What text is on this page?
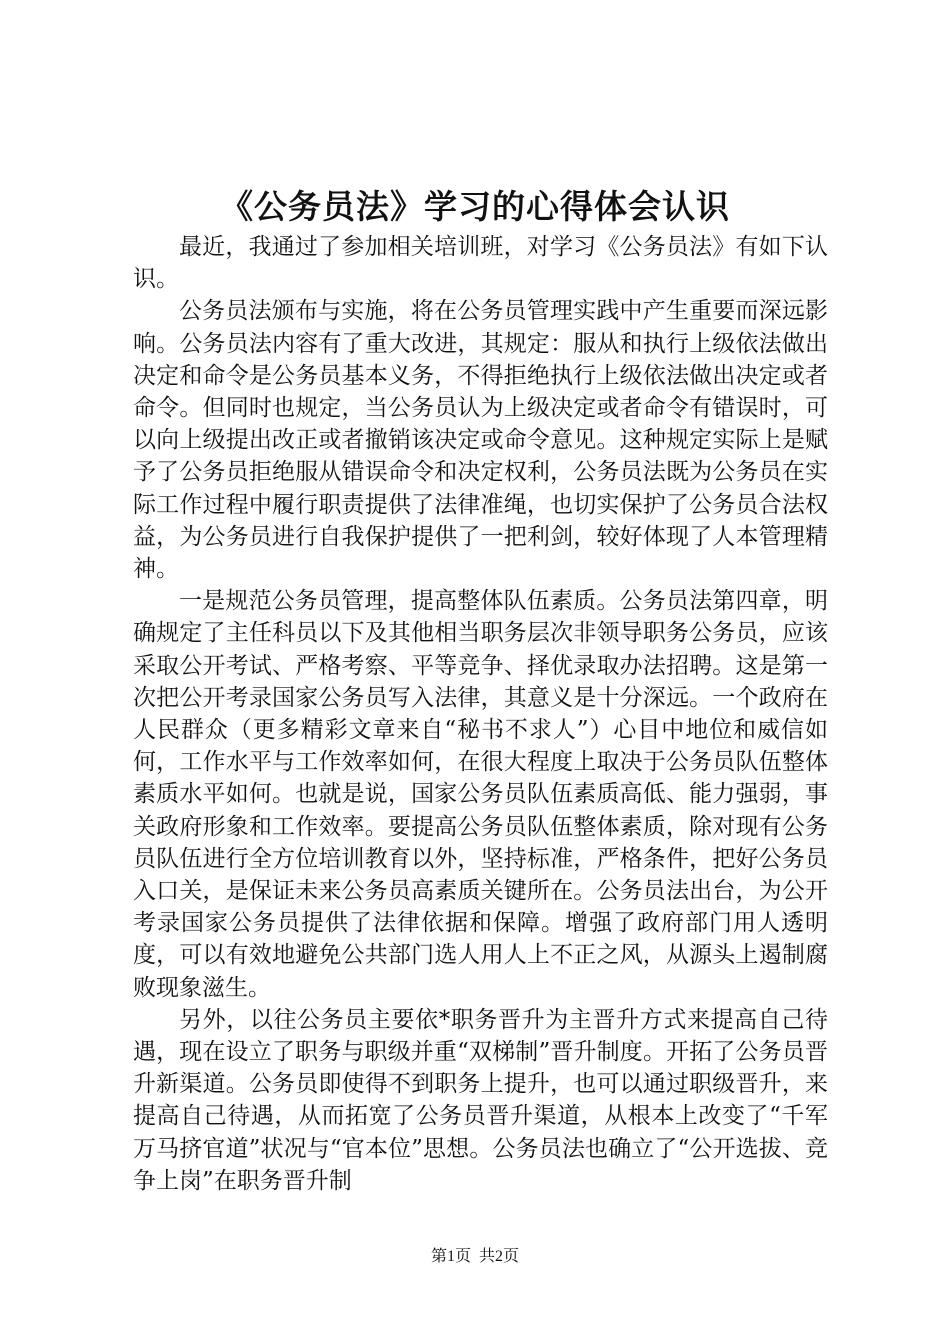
《公务员法》学习的心得体会认识

最近，我通过了参加相关培训班，对学习《公务员法》有如下认识。

公务员法颁布与实施，将在公务员管理实践中产生重要而深远影响。公务员法内容有了重大改进，其规定：服从和执行上级依法做出决定和命令是公务员基本义务，不得拒绝执行上级依法做出决定或者命令。但同时也规定，当公务员认为上级决定或者命令有错误时，可以向上级提出改正或者撤销该决定或命令意见。这种规定实际上是赋予了公务员拒绝服从错误命令和决定权利，公务员法既为公务员在实际工作过程中履行职责提供了法律准绳，也切实保护了公务员合法权益，为公务员进行自我保护提供了一把利剑，较好体现了人本管理精神。

一是规范公务员管理，提高整体队伍素质。公务员法第四章，明确规定了主任科员以下及其他相当职务层次非领导职务公务员，应该采取公开考试、严格考察、平等竞争、择优录取办法招聘。这是第一次把公开考录国家公务员写入法律，其意义是十分深远。一个政府在人民群众（更多精彩文章来自“秘书不求人”）心目中地位和威信如何，工作水平与工作效率如何，在很大程度上取决于公务员队伍整体素质水平如何。也就是说，国家公务员队伍素质高低、能力强弱，事关政府形象和工作效率。要提高公务员队伍整体素质，除对现有公务员队伍进行全方位培训教育以外，坚持标准，严格条件，把好公务员入口关，是保证未来公务员高素质关键所在。公务员法出台，为公开考录国家公务员提供了法律依据和保障。增强了政府部门用人透明度，可以有效地避免公共部门选人用人上不正之风，从源头上遏制腐败现象滋生。

另外，以往公务员主要依*职务晋升为主晋升方式来提高自己待遇，现在设立了职务与职级并重“双梯制”晋升制度。开拓了公务员晋升新渠道。公务员即使得不到职务上提升，也可以通过职级晋升，来提高自己待遇，从而拓宽了公务员晋升渠道，从根本上改变了“千军万马挤官道”状况与“官本位”思想。公务员法也确立了“公开选拔、竞争上岗”在职务晋升制

第1页 共2页
